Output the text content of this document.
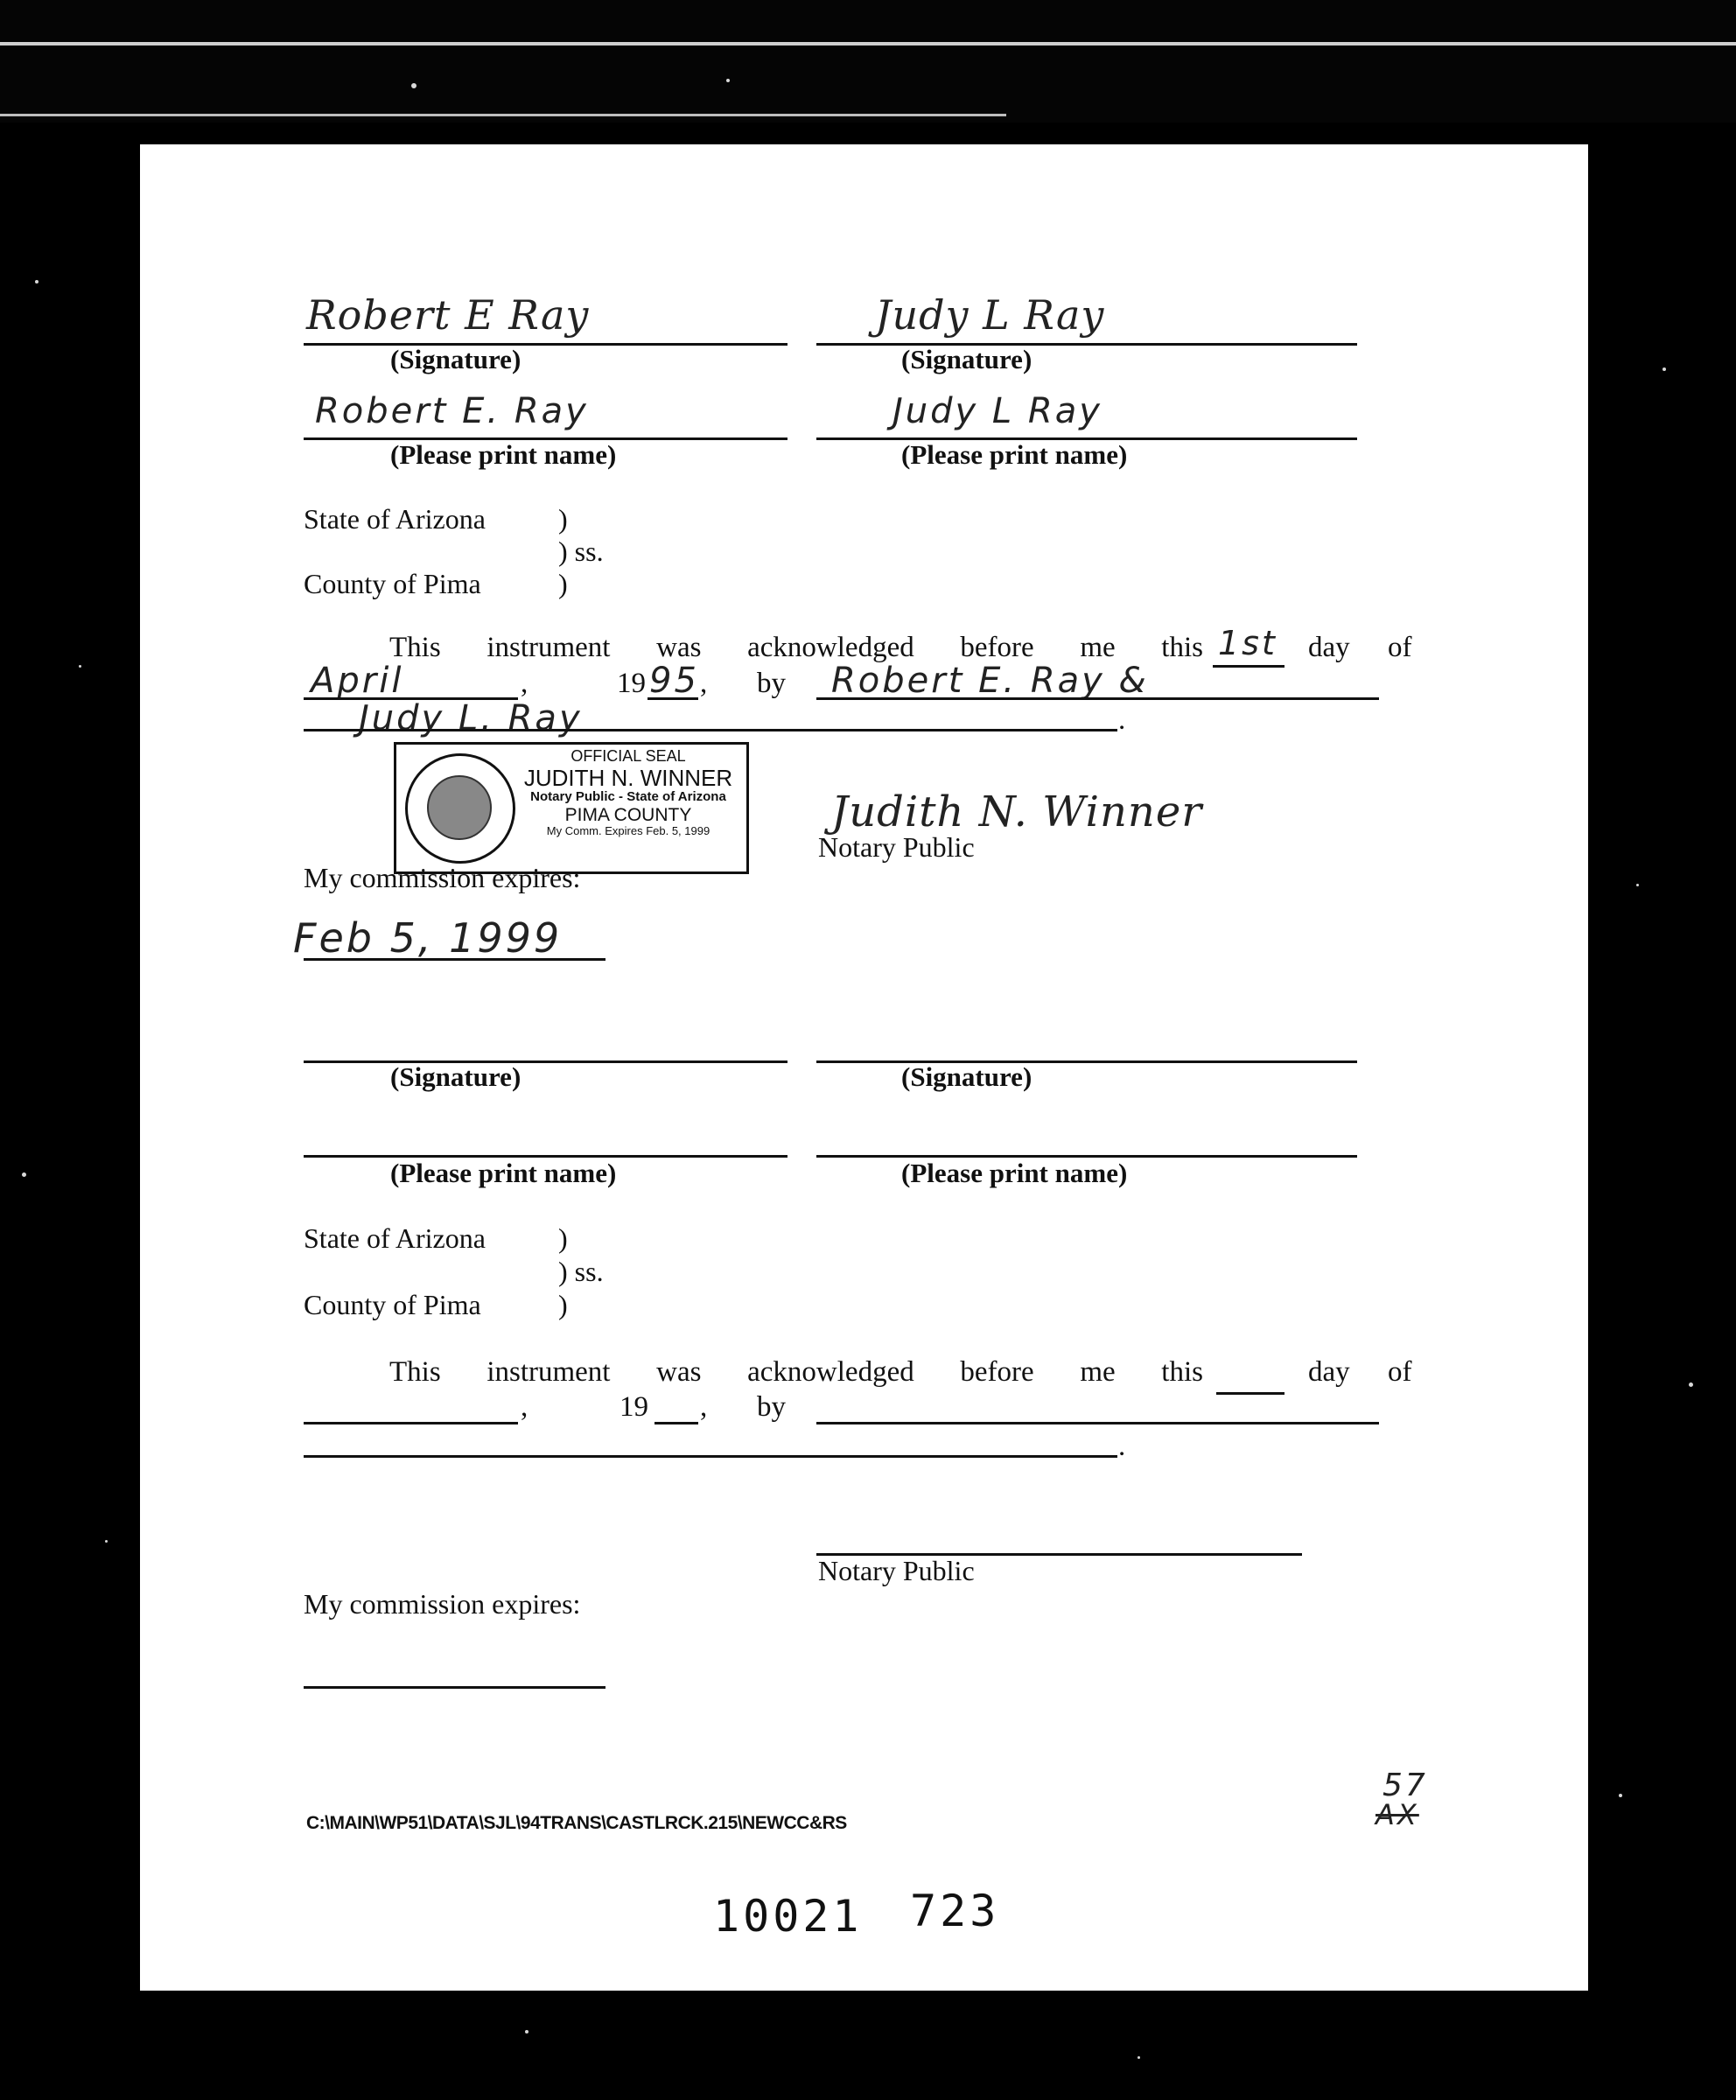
Robert E Ray	Judy L Ray
(Signature)	(Signature)
Robert E. Ray	Judy L Ray
(Please print name)	(Please print name)
State of Arizona	)
) ss.
County of Pima	)
This instrument was acknowledged before me this 1st day of
April	,	19 95 , by Robert E. Ray &
Judy L. Ray	.
OFFICIAL SEAL
JUDITH N. WINNER
Notary Public - State of Arizona
PIMA COUNTY
My Comm. Expires Feb. 5, 1999	Judith N. Winner
Notary Public
My commission expires:
Feb 5, 1999
(Signature)	(Signature)
(Please print name)	(Please print name)
State of Arizona	)
) ss.
County of Pima	)
This instrument was acknowledged before me this	day of
,	19 , by
.
Notary Public
My commission expires:
C:\MAIN\WP51\DATA\SJL\94TRANS\CASTLRCK.215\NEWCC&RS
57
AX
10021 723
